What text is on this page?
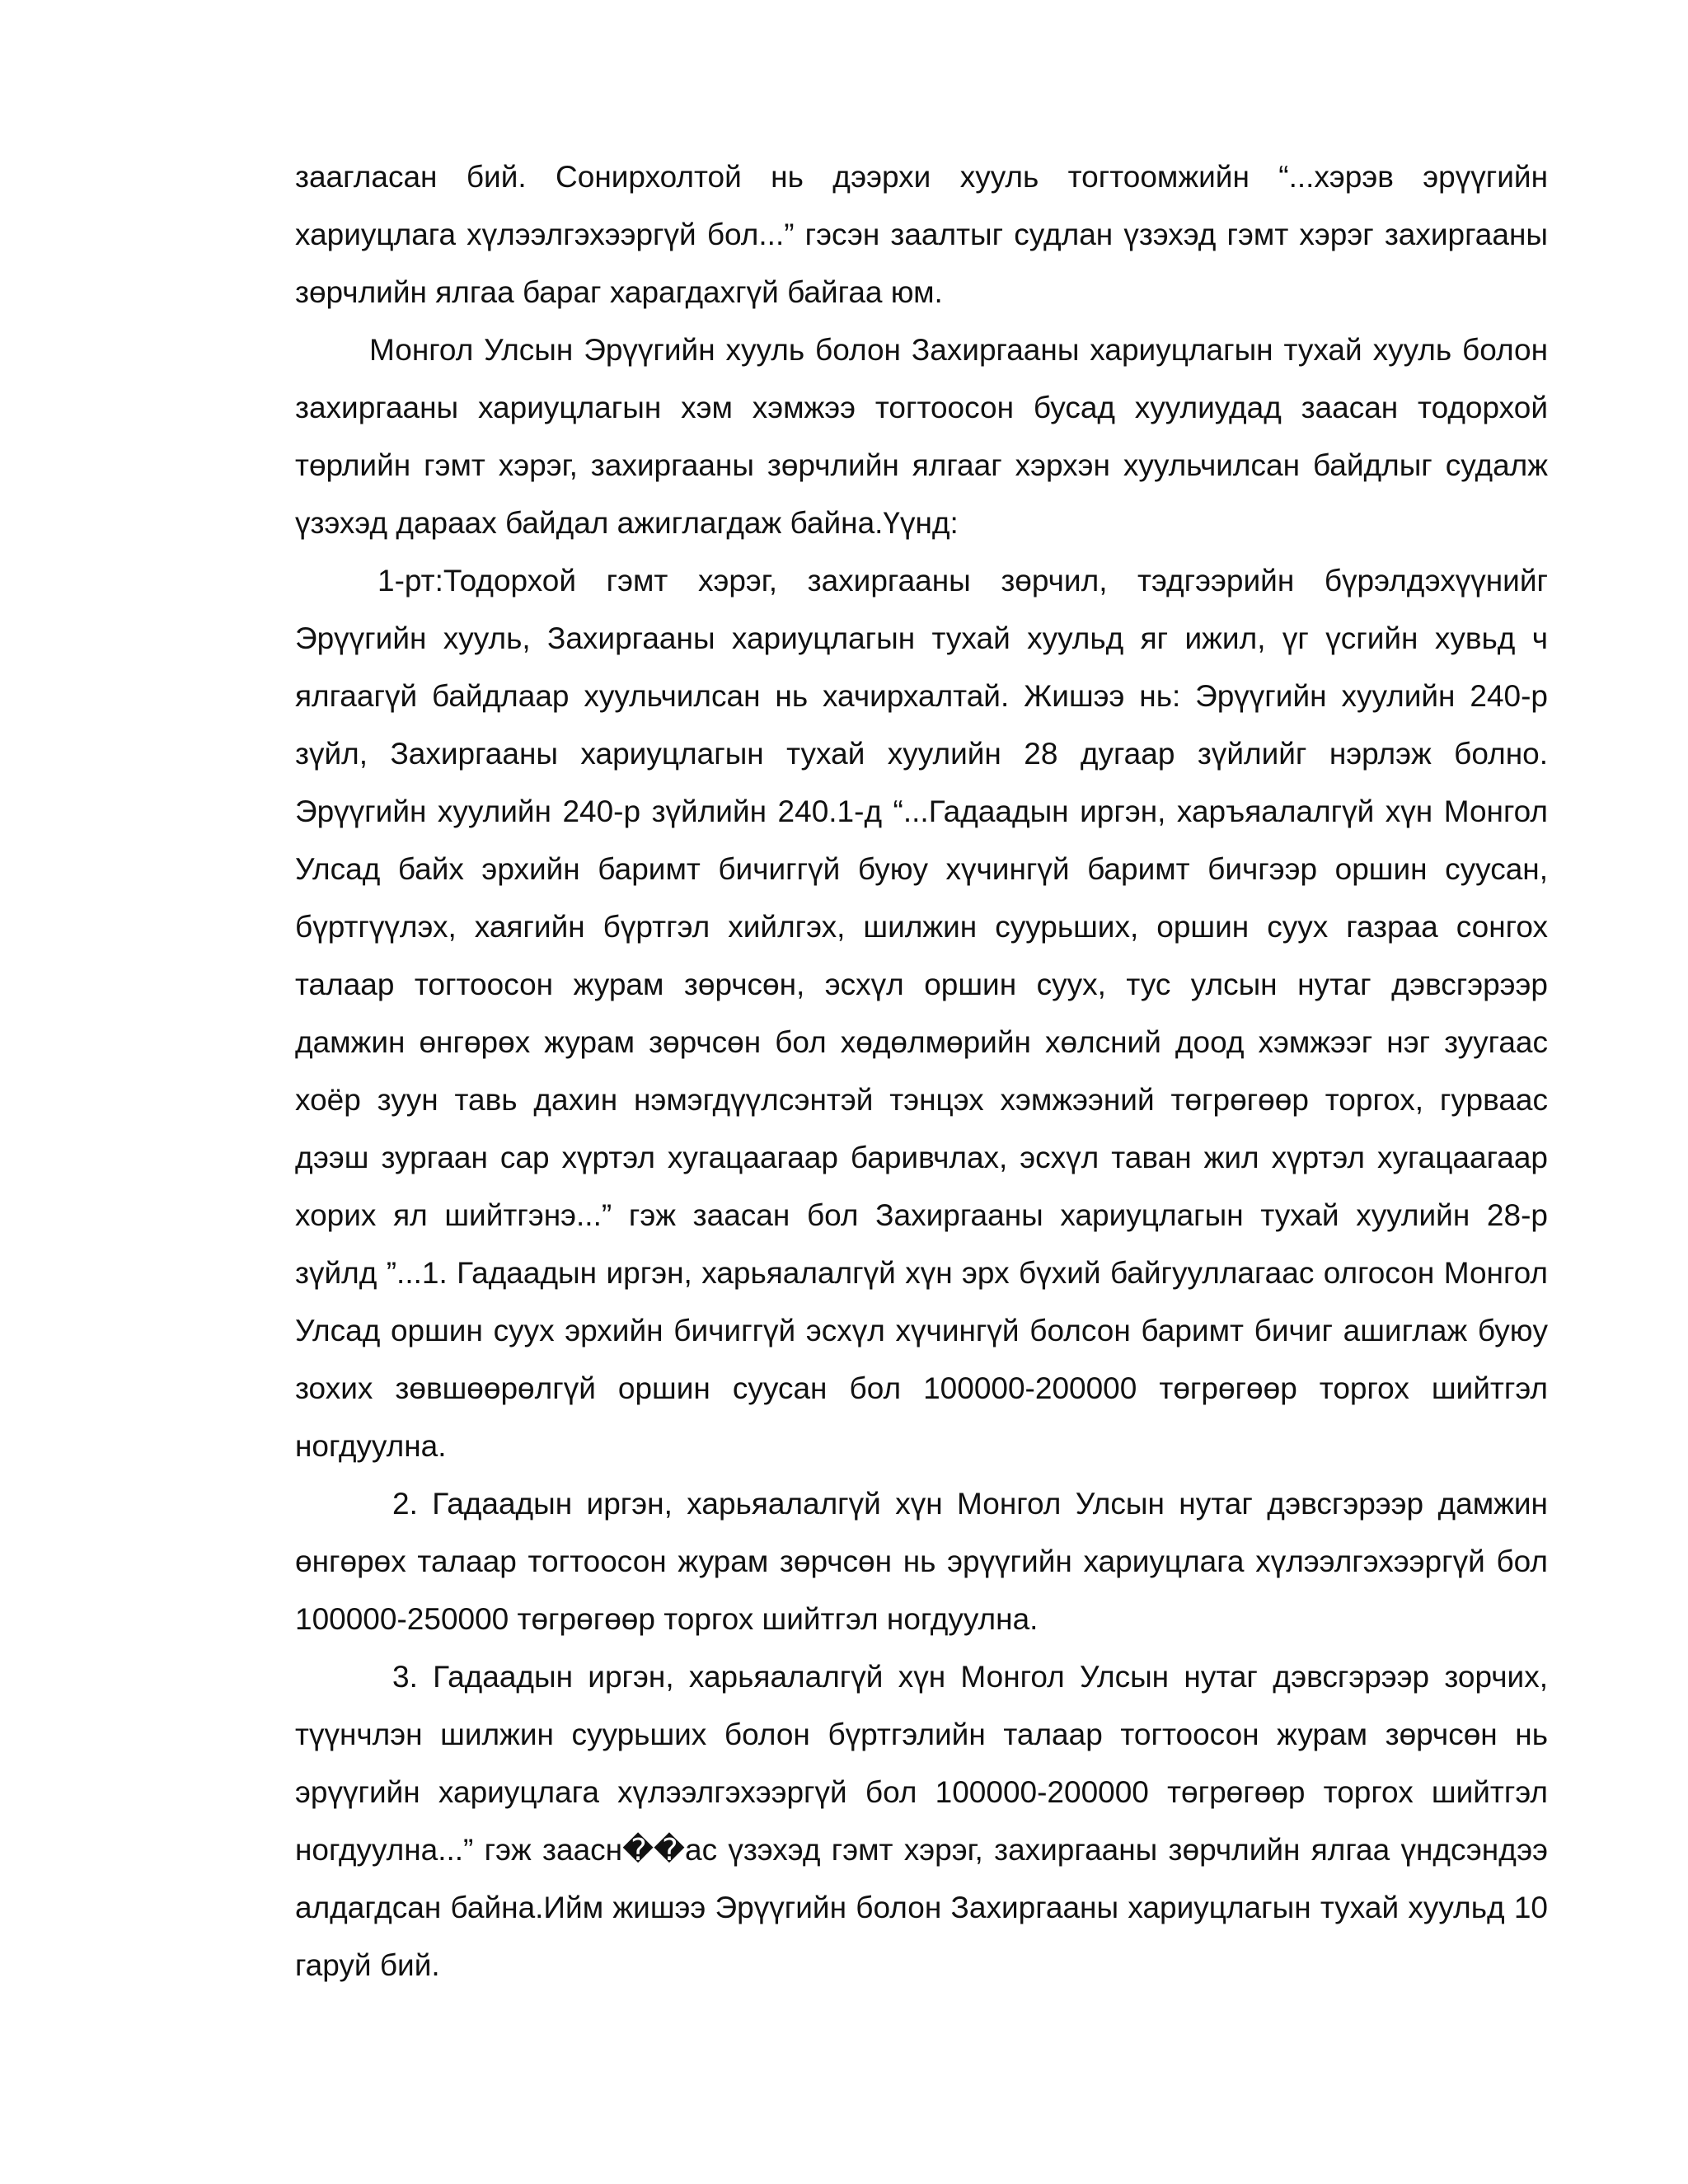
заагласан бий. Сонирхолтой нь дээрхи хууль тогтоомжийн “...хэрэв эрүүгийн хариуцлага хүлээлгэхээргүй бол...” гэсэн заалтыг судлан үзэхэд гэмт хэрэг захиргааны зөрчлийн ялгаа бараг харагдахгүй байгаа юм.

Монгол Улсын Эрүүгийн хууль болон Захиргааны хариуцлагын тухай хууль болон захиргааны хариуцлагын хэм хэмжээ тогтоосон бусад хуулиудад заасан тодорхой төрлийн гэмт хэрэг, захиргааны зөрчлийн ялгааг хэрхэн хуульчилсан байдлыг судалж үзэхэд дараах байдал ажиглагдаж байна.Үүнд:

1-рт:Тодорхой гэмт хэрэг, захиргааны зөрчил, тэдгээрийн бүрэлдэхүүнийг Эрүүгийн хууль, Захиргааны хариуцлагын тухай хуульд яг ижил, үг үсгийн хувьд ч ялгаагүй байдлаар хуульчилсан нь хачирхалтай. Жишээ нь: Эрүүгийн хуулийн 240-р зүйл, Захиргааны хариуцлагын тухай хуулийн 28 дугаар зүйлийг нэрлэж болно. Эрүүгийн хуулийн 240-р зүйлийн 240.1-д “...Гадаадын иргэн, харъяалалгүй хүн Монгол Улсад байх эрхийн баримт бичиггүй буюу хүчингүй баримт бичгээр оршин суусан, бүртгүүлэх, хаягийн бүртгэл хийлгэх, шилжин суурьших, оршин суух газраа сонгох талаар тогтоосон журам зөрчсөн, эсхүл оршин суух, тус улсын нутаг дэвсгэрээр дамжин өнгөрөх журам зөрчсөн бол хөдөлмөрийн хөлсний доод хэмжээг нэг зуугаас хоёр зуун тавь дахин нэмэгдүүлсэнтэй тэнцэх хэмжээний төгрөгөөр торгох, гурваас дээш зургаан сар хүртэл хугацаагаар баривчлах, эсхүл таван жил хүртэл хугацаагаар хорих ял шийтгэнэ...” гэж заасан бол Захиргааны хариуцлагын тухай хуулийн 28-р зүйлд ”...1. Гадаадын иргэн, харьяалалгүй хүн эрх бүхий байгууллагаас олгосон Монгол Улсад оршин суух эрхийн бичиггүй эсхүл хүчингүй болсон баримт бичиг ашиглаж буюу зохих зөвшөөрөлгүй оршин суусан бол 100000-200000 төгрөгөөр торгох шийтгэл ногдуулна.

2. Гадаадын иргэн, харьяалалгүй хүн Монгол Улсын нутаг дэвсгэрээр дамжин өнгөрөх талаар тогтоосон журам зөрчсөн нь эрүүгийн хариуцлага хүлээлгэхээргүй бол 100000-250000 төгрөгөөр торгох шийтгэл ногдуулна.

3. Гадаадын иргэн, харьяалалгүй хүн Монгол Улсын нутаг дэвсгэрээр зорчих, түүнчлэн шилжин суурьших болон бүртгэлийн талаар тогтоосон журам зөрчсөн нь эрүүгийн хариуцлага хүлээлгэхээргүй бол 100000-200000 төгрөгөөр торгох шийтгэл ногдуулна...” гэж заасн��ас үзэхэд гэмт хэрэг, захиргааны зөрчлийн ялгаа үндсэндээ алдагдсан байна.Ийм жишээ Эрүүгийн болон Захиргааны хариуцлагын тухай хуульд 10 гаруй бий.
